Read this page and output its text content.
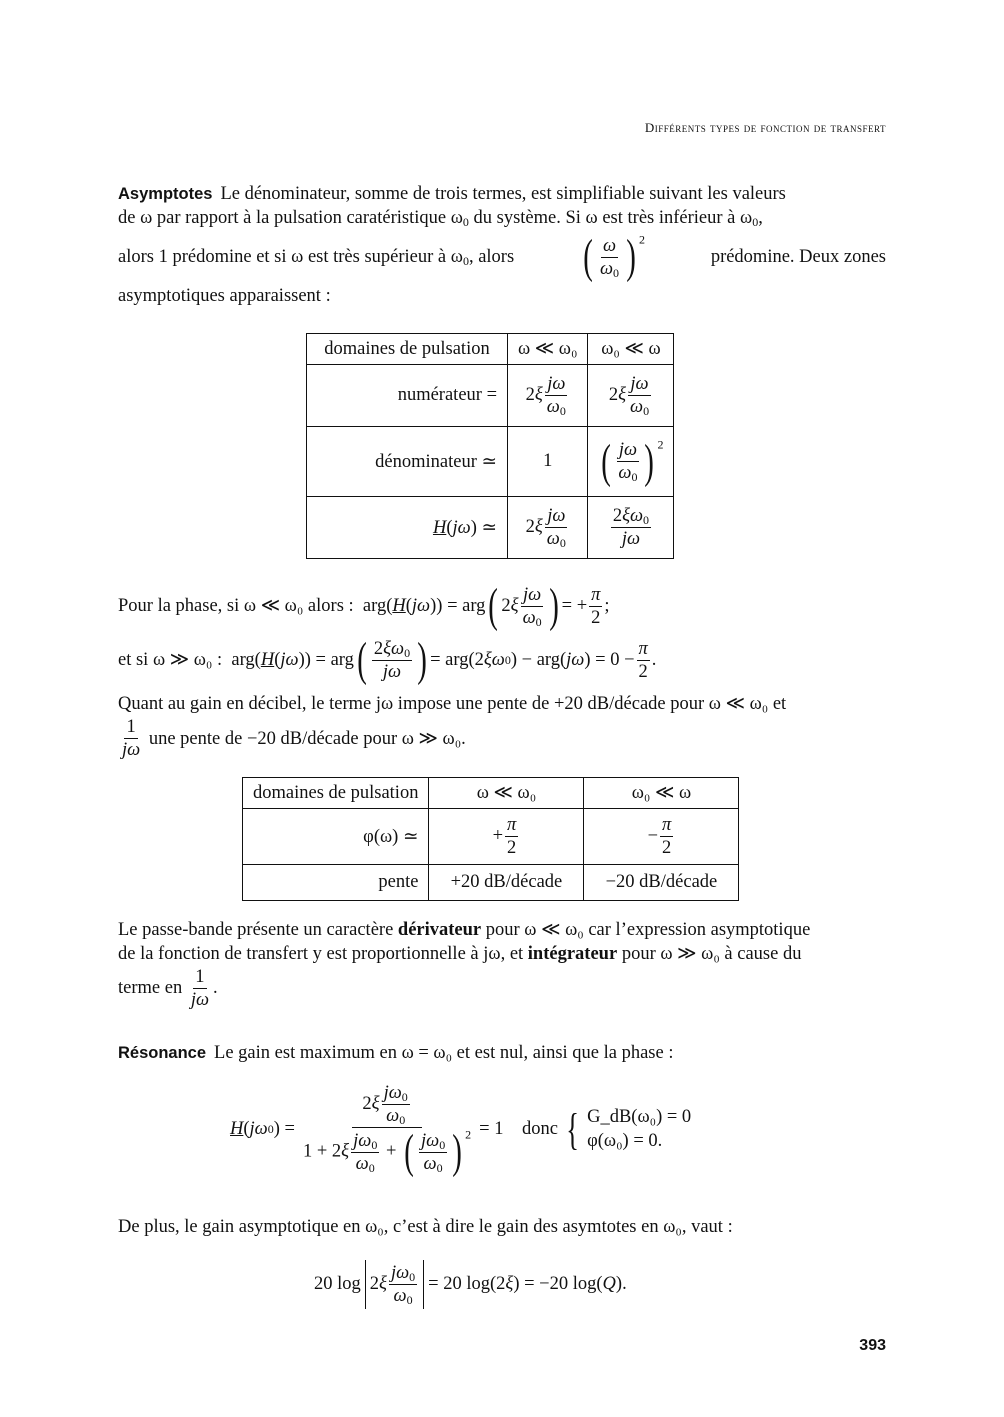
Différents types de fonction de transfert
Asymptotes Le dénominateur, somme de trois termes, est simplifiable suivant les valeurs
de ω par rapport à la pulsation caratéristique $\omega_0$ du système. Si ω est très inférieur à $\omega_0$,
alors 1 prédomine et si ω est très supérieur à $\omega_0$, alors ( $\frac{\omega}{\omega_0}$ ) $^2$
prédomine. Deux zones
asymptotiques apparaissent :
domaines de pulsation	ω ≪ ω₀	ω₀ ≪ ω
numérateur =	$2\xi \frac{j\omega}{\omega_0}$	$2\xi \frac{j\omega}{\omega_0}$

dénominateur ≃	1	( $\frac{j\omega}{\omega_0}$ ) $^2$
H(jω) ≃	$2\xi \frac{j\omega}{\omega_0}$	$\frac{2\xi\omega_0}{j\omega}$
Pour la phase, si ω ≪ ω₀ alors : arg( H ( jω )) = arg ( 2 ξ $\frac{j\omega}{\omega_0}$ ) = + $\frac{\pi}{2}$ ;
et si ω ≫ ω₀ : arg( H ( jω )) = arg ( $\frac{2\xi\omega_0}{j\omega}$ ) = arg(2 ξω 0 ) − arg( jω ) = $0 - \frac{\pi}{2}$ .
Quant au gain en décibel, le terme jω impose une pente de +20 dB/décade pour ω ≪ ω₀ et
$\frac{1}{j\omega}$
une pente de −20 dB/décade pour ω ≫ ω₀.
domaines de pulsation	ω ≪ ω₀	ω₀ ≪ ω
φ(ω) ≃	+ $\frac{\pi}{2}$	− $\frac{\pi}{2}$

pente	+20 dB/décade	−20 dB/décade
Le passe-bande présente un caractère dérivateur pour ω ≪ ω₀ car l’expression asymptotique
de la fonction de transfert y est proportionnelle à jω, et intégrateur pour ω ≫ ω₀ à cause du
terme en
$\frac{1}{j\omega}$ .
Résonance Le gain est maximum en ω = ω₀ et est nul, ainsi que la phase :
H ( jω 0 ) = $\frac{2\xi \frac{j\omega_0}{\omega_0}}{1 + 2\xi \frac{j\omega_0}{\omega_0} + ( \frac{j\omega_0}{\omega_0} ) ^2} = 1$ donc { G_dB(ω₀) = 0
φ(ω₀) = 0.
De plus, le gain asymptotique en ω₀, c’est à dire le gain des asymtotes en ω₀, vaut :
20 $\log 2\xi \frac{j\omega_0}{\omega_0} = 20$ log(2 ξ ) = −20 log( Q ).
393
